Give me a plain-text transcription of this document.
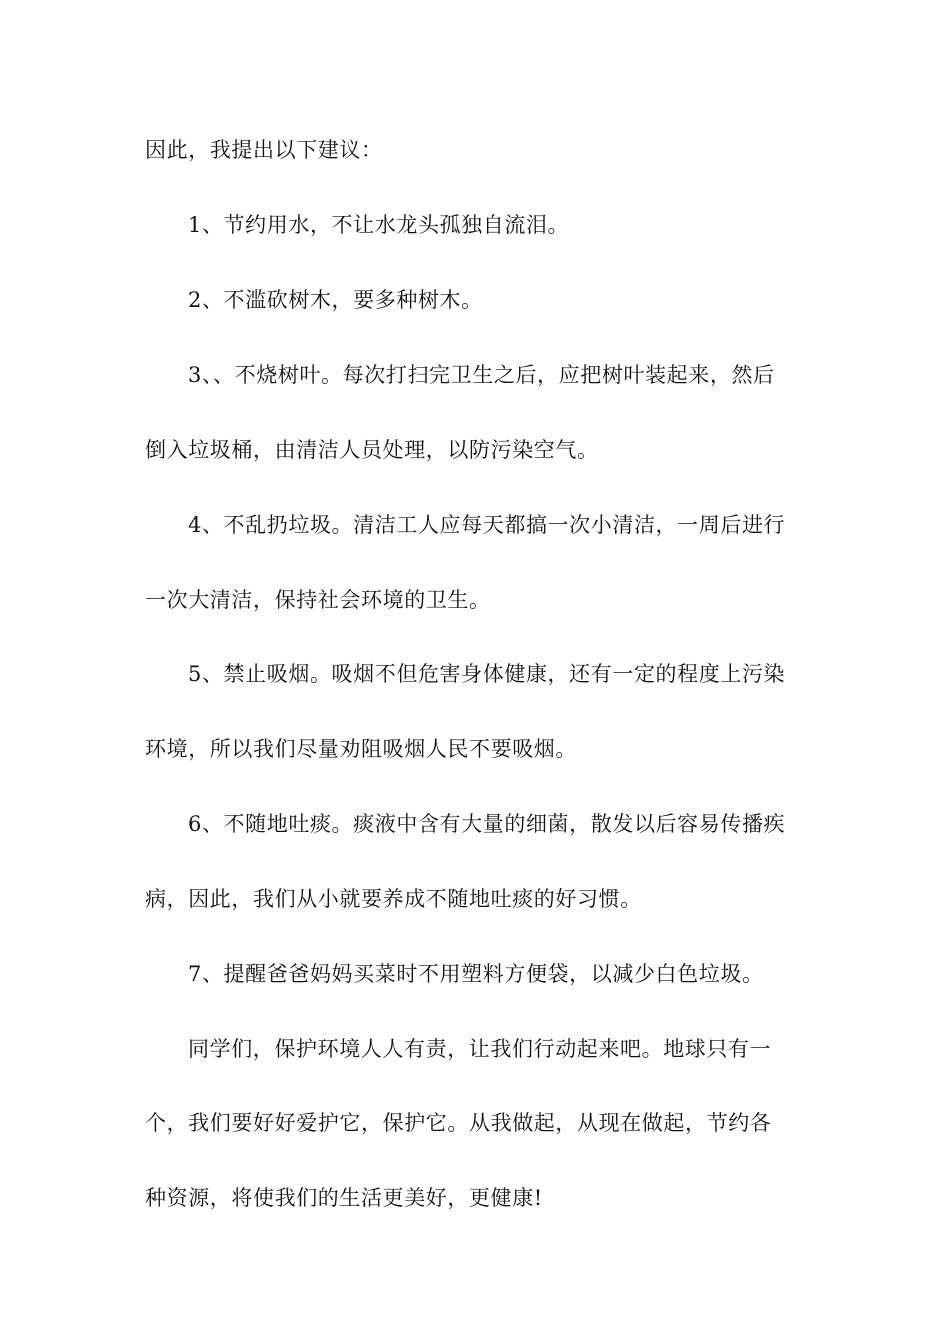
因此，我提出以下建议：
1、节约用水，不让水龙头孤独自流泪。
2、不滥砍树木，要多种树木。
3、、不烧树叶。每次打扫完卫生之后，应把树叶装起来，然后
倒入垃圾桶，由清洁人员处理，以防污染空气。
4、不乱扔垃圾。清洁工人应每天都搞一次小清洁，一周后进行
一次大清洁，保持社会环境的卫生。
5、禁止吸烟。吸烟不但危害身体健康，还有一定的程度上污染
环境，所以我们尽量劝阻吸烟人民不要吸烟。
6、不随地吐痰。痰液中含有大量的细菌，散发以后容易传播疾
病，因此，我们从小就要养成不随地吐痰的好习惯。
7、提醒爸爸妈妈买菜时不用塑料方便袋，以减少白色垃圾。
同学们，保护环境人人有责，让我们行动起来吧。地球只有一
个，我们要好好爱护它，保护它。从我做起，从现在做起，节约各
种资源，将使我们的生活更美好，更健康!
